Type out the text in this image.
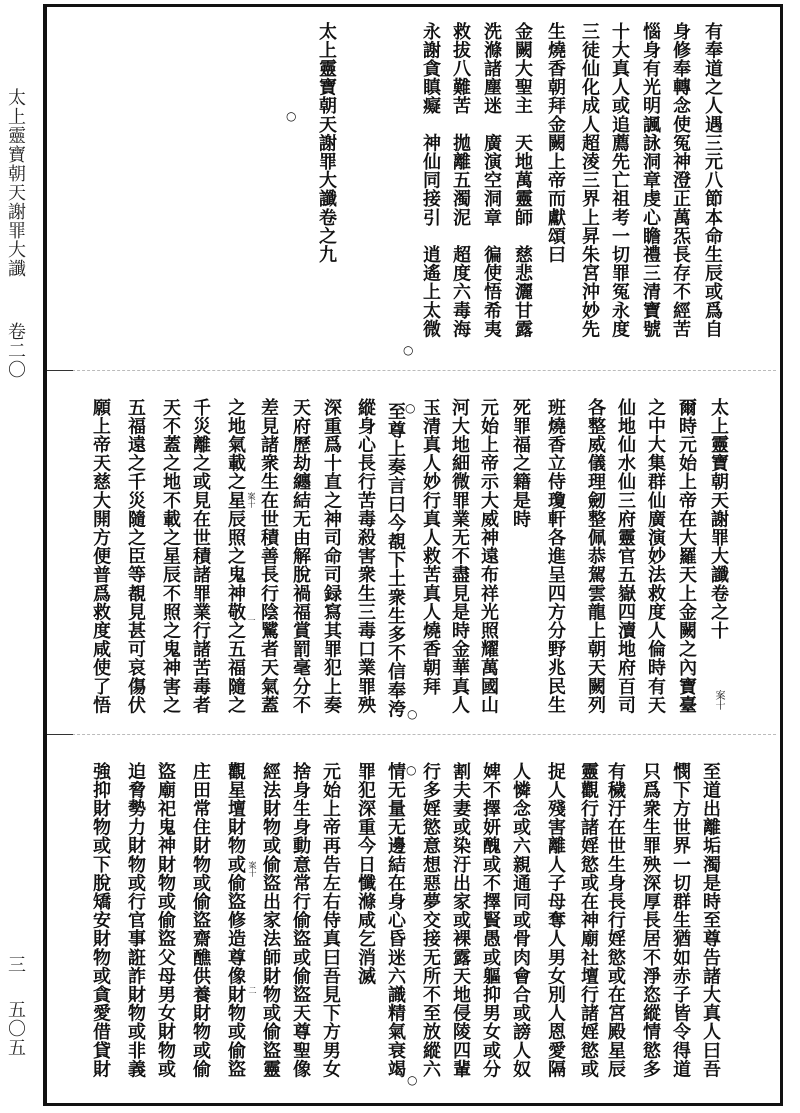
太上靈寶朝天謝罪大讖
卷二〇
三
五〇五
有奉道之人遇三元八節本命生辰或爲自
身修奉轉念使冤神澄正萬炁長存不經苦
惱身有光明諷詠洞章虔心瞻禮三清寶號
十大真人或追薦先亡祖考一切罪冤永度
三徒仙化成人超淩三界上昇朱宮沖妙先
生燒香朝拜金闕上帝而獻頌曰
金闕大聖主　天地萬靈師　慈悲灑甘露
洗滌諸塵迷　廣演空洞章　徧使悟希夷
救拔八難苦　拋離五濁泥　超度六毒海
永謝貪瞋癡　神仙同接引　逍遙上太微
○
○ 太上靈寶朝天謝罪大讖卷之九
太上靈寶朝天謝罪大讖卷之十
案十
爾時元始上帝在大羅天上金闕之內寶臺
之中大集群仙廣演妙法救度人倫時有天
仙地仙水仙三府靈官五嶽四瀆地府百司
各整威儀理劒整佩恭駕雲龍上朝天闕列
班燒香立侍瓊軒各進呈四方分野兆民生
死罪福之籍是時
元始上帝示大威神遠布祥光照耀萬國山
河大地細微罪業无不盡見是時金華真人
玉清真人妙行真人救苦真人燒香朝拜
○
○
至尊上奏言曰今覩下土衆生多不信奉洿
縱身心長行苦毒殺害衆生三毒口業罪殃
深重爲十直之神司命司録寫其罪犯上奏
天府歷劫纏結无由解脫禍福賞罰毫分不
差見諸衆生在世積善長行陰騭者天氣蓋
之地氣載之星辰照之鬼神敬之五福隨之
千災離之或見在世積諸罪業行諸苦毒者
天不蓋之地不載之星辰不照之鬼神害之
五福遠之千災隨之臣等覩見甚可哀傷伏
願上帝天慈大開方便普爲救度咸使了悟	案十
一
至道出離垢濁是時至尊告諸大真人曰吾
憫下方世界一切群生猶如赤子皆令得道
只爲衆生罪殃深厚長居不淨恣縱情慾多
有穢汙在世生身長行婬慾或在宮殿星辰
靈觀行諸婬慾或在神廟社壇行諸婬慾或
捉人殘害離人子母奪人男女別人恩愛隔
人憐念或六親通同或骨肉會合或謗人奴
婢不擇妍醜或不擇賢愚或軀抑男女或分
割夫妻或染汙出家或裸露天地侵陵四輩
行多婬慾意想惡夢交接无所不至放縱六
○
○
情无量无邊結在身心昏迷六識精氣衰竭
罪犯深重今日懺滌咸乞消滅
元始上帝再告左右侍真曰吾見下方男女
捨身生身動意常行偷盜或偷盜天尊聖像
經法財物或偷盜出家法師財物或偷盜靈
觀星壇財物或偷盜修造尊像財物或偷盜
庄田常住財物或偷盜齋醮供養財物或偷
盜廟祀鬼神財物或偷盜父母男女財物或
迫脅勢力財物或行官事誑詐財物或非義
強抑財物或下脫矯安財物或貪愛借貸財	案十
二
